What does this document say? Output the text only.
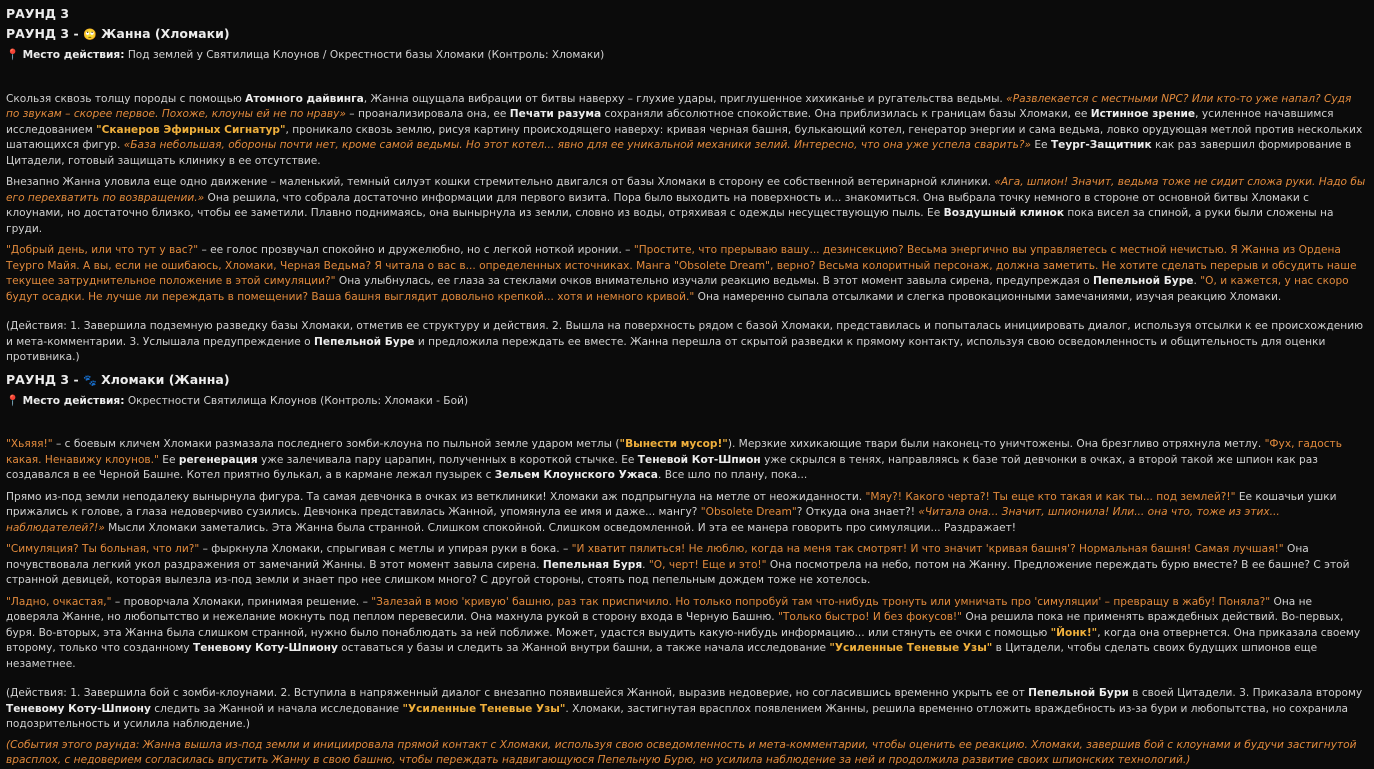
РАУНД 3
РАУНД 3 - 🙄 Жанна (Хломаки)
📍 Место действия: Под землей у Святилища Клоунов / Окрестности базы Хломаки (Контроль: Хломаки)

Скользя сквозь толщу породы с помощью Атомного дайвинга, Жанна ощущала вибрации от битвы наверху – глухие удары, приглушенное хихиканье и ругательства ведьмы. «Развлекается с местными NPC? Или кто-то уже напал? Судя по звукам – скорее первое. Похоже, клоуны ей не по нраву» – проанализировала она, ее Печати разума сохраняли абсолютное спокойствие. Она приблизилась к границам базы Хломаки, ее Истинное зрение, усиленное начавшимся исследованием "Сканеров Эфирных Сигнатур", проникало сквозь землю, рисуя картину происходящего наверху: кривая черная башня, булькающий котел, генератор энергии и сама ведьма, ловко орудующая метлой против нескольких шатающихся фигур. «База небольшая, обороны почти нет, кроме самой ведьмы. Но этот котел... явно для ее уникальной механики зелий. Интересно, что она уже успела сварить?» Ее Теург-Защитник как раз завершил формирование в Цитадели, готовый защищать клинику в ее отсутствие.

Внезапно Жанна уловила еще одно движение – маленький, темный силуэт кошки стремительно двигался от базы Хломаки в сторону ее собственной ветеринарной клиники. «Ага, шпион! Значит, ведьма тоже не сидит сложа руки. Надо бы его перехватить по возвращении.» Она решила, что собрала достаточно информации для первого визита. Пора было выходить на поверхность и... знакомиться. Она выбрала точку немного в стороне от основной битвы Хломаки с клоунами, но достаточно близко, чтобы ее заметили. Плавно поднимаясь, она вынырнула из земли, словно из воды, отряхивая с одежды несуществующую пыль. Ее Воздушный клинок пока висел за спиной, а руки были сложены на груди.

"Добрый день, или что тут у вас?" – ее голос прозвучал спокойно и дружелюбно, но с легкой ноткой иронии. – "Простите, что прерываю вашу... дезинсекцию? Весьма энергично вы управляетесь с местной нечистью. Я Жанна из Ордена Теурго Майя. А вы, если не ошибаюсь, Хломаки, Черная Ведьма? Я читала о вас в... определенных источниках. Манга "Obsolete Dream", верно? Весьма колоритный персонаж, должна заметить. Не хотите сделать перерыв и обсудить наше текущее затруднительное положение в этой симуляции?" Она улыбнулась, ее глаза за стеклами очков внимательно изучали реакцию ведьмы. В этот момент завыла сирена, предупреждая о Пепельной Буре. "О, и кажется, у нас скоро будут осадки. Не лучше ли переждать в помещении? Ваша башня выглядит довольно крепкой... хотя и немного кривой." Она намеренно сыпала отсылками и слегка провокационными замечаниями, изучая реакцию Хломаки.

(Действия: 1. Завершила подземную разведку базы Хломаки, отметив ее структуру и действия. 2. Вышла на поверхность рядом с базой Хломаки, представилась и попыталась инициировать диалог, используя отсылки к ее происхождению и мета-комментарии. 3. Услышала предупреждение о Пепельной Буре и предложила переждать ее вместе. Жанна перешла от скрытой разведки к прямому контакту, используя свою осведомленность и общительность для оценки противника.)

РАУНД 3 - 🐾 Хломаки (Жанна)
📍 Место действия: Окрестности Святилища Клоунов (Контроль: Хломаки - Бой)

"Хьяяя!" – с боевым кличем Хломаки размазала последнего зомби-клоуна по пыльной земле ударом метлы ("Вынести мусор!"). Мерзкие хихикающие твари были наконец-то уничтожены. Она брезгливо отряхнула метлу. "Фух, гадость какая. Ненавижу клоунов." Ее регенерация уже залечивала пару царапин, полученных в короткой стычке. Ее Теневой Кот-Шпион уже скрылся в тенях, направляясь к базе той девчонки в очках, а второй такой же шпион как раз создавался в ее Черной Башне. Котел приятно булькал, а в кармане лежал пузырек с Зельем Клоунского Ужаса. Все шло по плану, пока...

Прямо из-под земли неподалеку вынырнула фигура. Та самая девчонка в очках из ветклиники! Хломаки аж подпрыгнула на метле от неожиданности. "Мяу?! Какого черта?! Ты еще кто такая и как ты... под землей?!" Ее кошачьи ушки прижались к голове, а глаза недоверчиво сузились. Девчонка представилась Жанной, упомянула ее имя и даже... мангу? "Obsolete Dream"? Откуда она знает?! «Читала она... Значит, шпионила! Или... она что, тоже из этих... наблюдателей?!» Мысли Хломаки заметались. Эта Жанна была странной. Слишком спокойной. Слишком осведомленной. И эта ее манера говорить про симуляции... Раздражает!

"Симуляция? Ты больная, что ли?" – фыркнула Хломаки, спрыгивая с метлы и упирая руки в бока. – "И хватит пялиться! Не люблю, когда на меня так смотрят! И что значит 'кривая башня'? Нормальная башня! Самая лучшая!" Она почувствовала легкий укол раздражения от замечаний Жанны. В этот момент завыла сирена. Пепельная Буря. "О, черт! Еще и это!" Она посмотрела на небо, потом на Жанну. Предложение переждать бурю вместе? В ее башне? С этой странной девицей, которая вылезла из-под земли и знает про нее слишком много? С другой стороны, стоять под пепельным дождем тоже не хотелось.

"Ладно, очкастая," – проворчала Хломаки, принимая решение. – "Залезай в мою 'кривую' башню, раз так приспичило. Но только попробуй там что-нибудь тронуть или умничать про 'симуляции' – превращу в жабу! Поняла?" Она не доверяла Жанне, но любопытство и нежелание мокнуть под пеплом перевесили. Она махнула рукой в сторону входа в Черную Башню. "Только быстро! И без фокусов!" Она решила пока не применять враждебных действий. Во-первых, буря. Во-вторых, эта Жанна была слишком странной, нужно было понаблюдать за ней поближе. Может, удастся выудить какую-нибудь информацию... или стянуть ее очки с помощью "Йонк!", когда она отвернется. Она приказала своему второму, только что созданному Теневому Коту-Шпиону оставаться у базы и следить за Жанной внутри башни, а также начала исследование "Усиленные Теневые Узы" в Цитадели, чтобы сделать своих будущих шпионов еще незаметнее.

(Действия: 1. Завершила бой с зомби-клоунами. 2. Вступила в напряженный диалог с внезапно появившейся Жанной, выразив недоверие, но согласившись временно укрыть ее от Пепельной Бури в своей Цитадели. 3. Приказала второму Теневому Коту-Шпиону следить за Жанной и начала исследование "Усиленные Теневые Узы". Хломаки, застигнутая врасплох появлением Жанны, решила временно отложить враждебность из-за бури и любопытства, но сохранила подозрительность и усилила наблюдение.)

(События этого раунда: Жанна вышла из-под земли и инициировала прямой контакт с Хломаки, используя свою осведомленность и мета-комментарии, чтобы оценить ее реакцию. Хломаки, завершив бой с клоунами и будучи застигнутой врасплох, с недоверием согласилась впустить Жанну в свою башню, чтобы переждать надвигающуюся Пепельную Бурю, но усилила наблюдение за ней и продолжила развитие своих шпионских технологий.)
